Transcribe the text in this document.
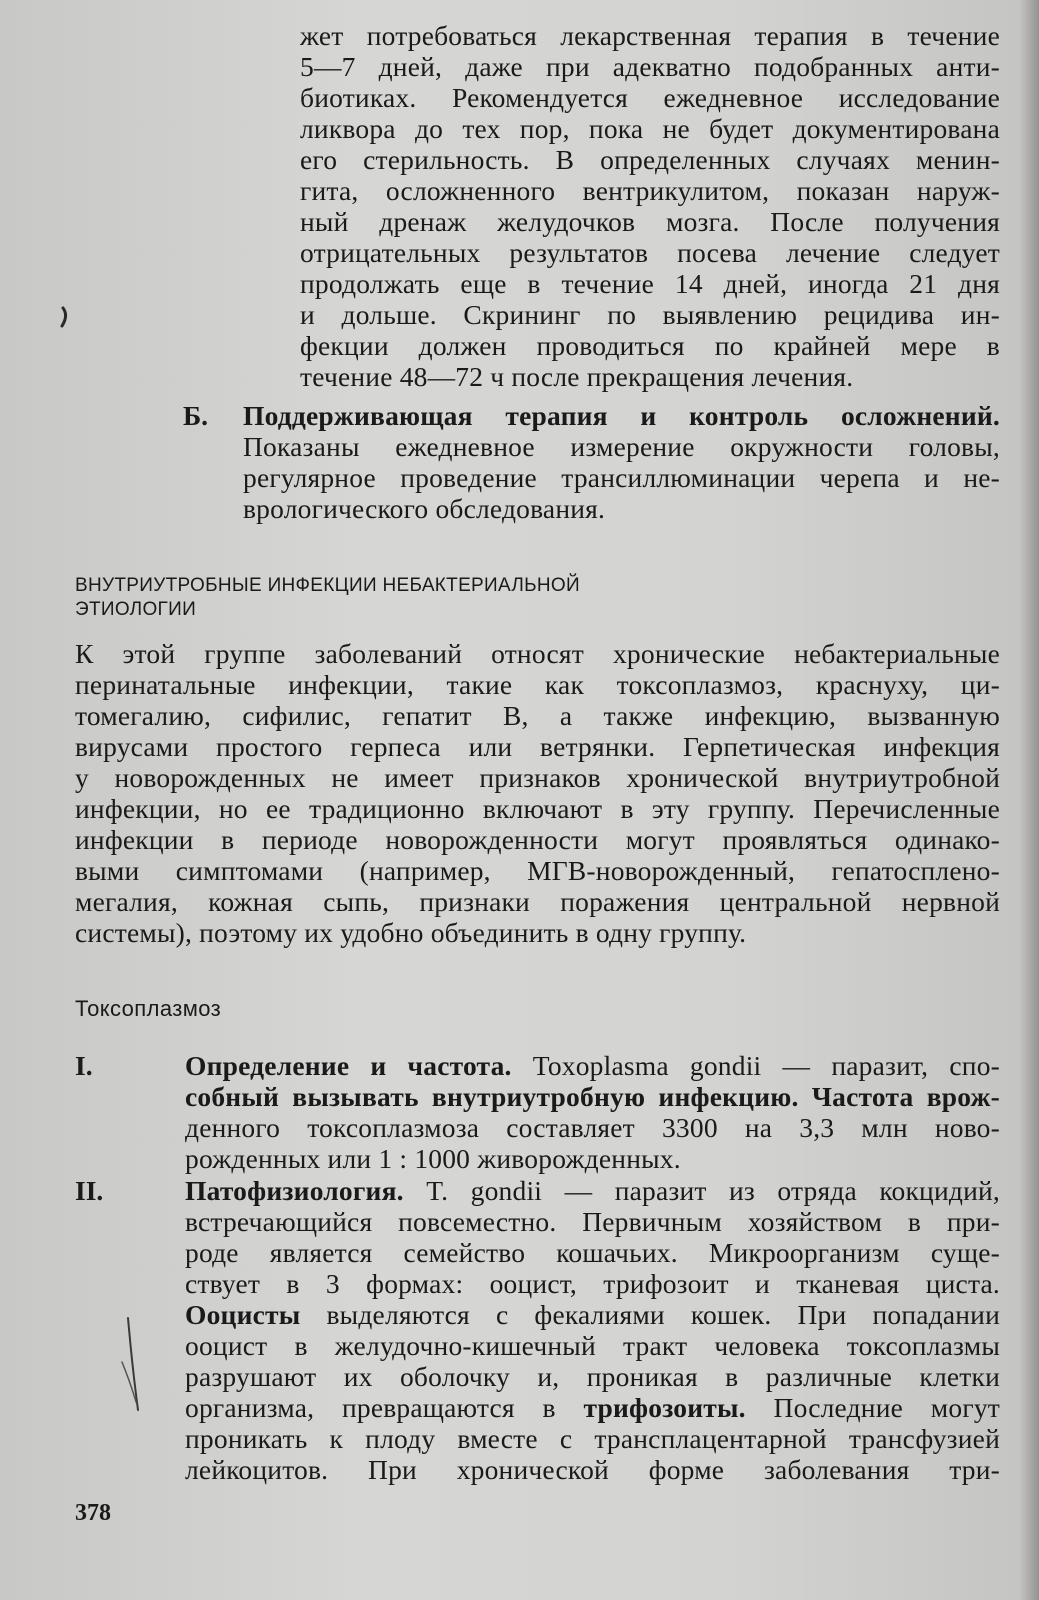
жет потребоваться лекарственная терапия в течение
5—7 дней, даже при адекватно подобранных анти-
биотиках. Рекомендуется ежедневное исследование
ликвора до тех пор, пока не будет документирована
его стерильность. В определенных случаях менин-
гита, осложненного вентрикулитом, показан наруж-
ный дренаж желудочков мозга. После получения
отрицательных результатов посева лечение следует
продолжать еще в течение 14 дней, иногда 21 дня
и дольше. Скрининг по выявлению рецидива ин-
фекции должен проводиться по крайней мере в
течение 48—72 ч после прекращения лечения.
Б. Поддерживающая терапия и контроль осложнений.
Показаны ежедневное измерение окружности головы,
регулярное проведение трансиллюминации черепа и не-
врологического обследования.
ВНУТРИУТРОБНЫЕ ИНФЕКЦИИ НЕБАКТЕРИАЛЬНОЙ
ЭТИОЛОГИИ
К этой группе заболеваний относят хронические небактериальные
перинатальные инфекции, такие как токсоплазмоз, краснуху, ци-
томегалию, сифилис, гепатит В, а также инфекцию, вызванную
вирусами простого герпеса или ветрянки. Герпетическая инфекция
у новорожденных не имеет признаков хронической внутриутробной
инфекции, но ее традиционно включают в эту группу. Перечисленные
инфекции в периоде новорожденности могут проявляться одинако-
выми симптомами (например, МГВ-новорожденный, гепатосплено-
мегалия, кожная сыпь, признаки поражения центральной нервной
системы), поэтому их удобно объединить в одну группу.
Токсоплазмоз
I.	Определение и частота. Toxoplasma gondii — паразит, спо-
собный вызывать внутриутробную инфекцию. Частота врож-
денного токсоплазмоза составляет 3300 на 3,3 млн ново-
рожденных или 1 : 1000 живорожденных.
II.	Патофизиология. T. gondii — паразит из отряда кокцидий,
встречающийся повсеместно. Первичным хозяйством в при-
роде является семейство кошачьих. Микроорганизм суще-
ствует в 3 формах: ооцист, трифозоит и тканевая циста.
Ооцисты выделяются с фекалиями кошек. При попадании
ооцист в желудочно-кишечный тракт человека токсоплазмы
разрушают их оболочку и, проникая в различные клетки
организма, превращаются в трифозоиты. Последние могут
проникать к плоду вместе с трансплацентарной трансфузией
лейкоцитов. При хронической форме заболевания три-
378
